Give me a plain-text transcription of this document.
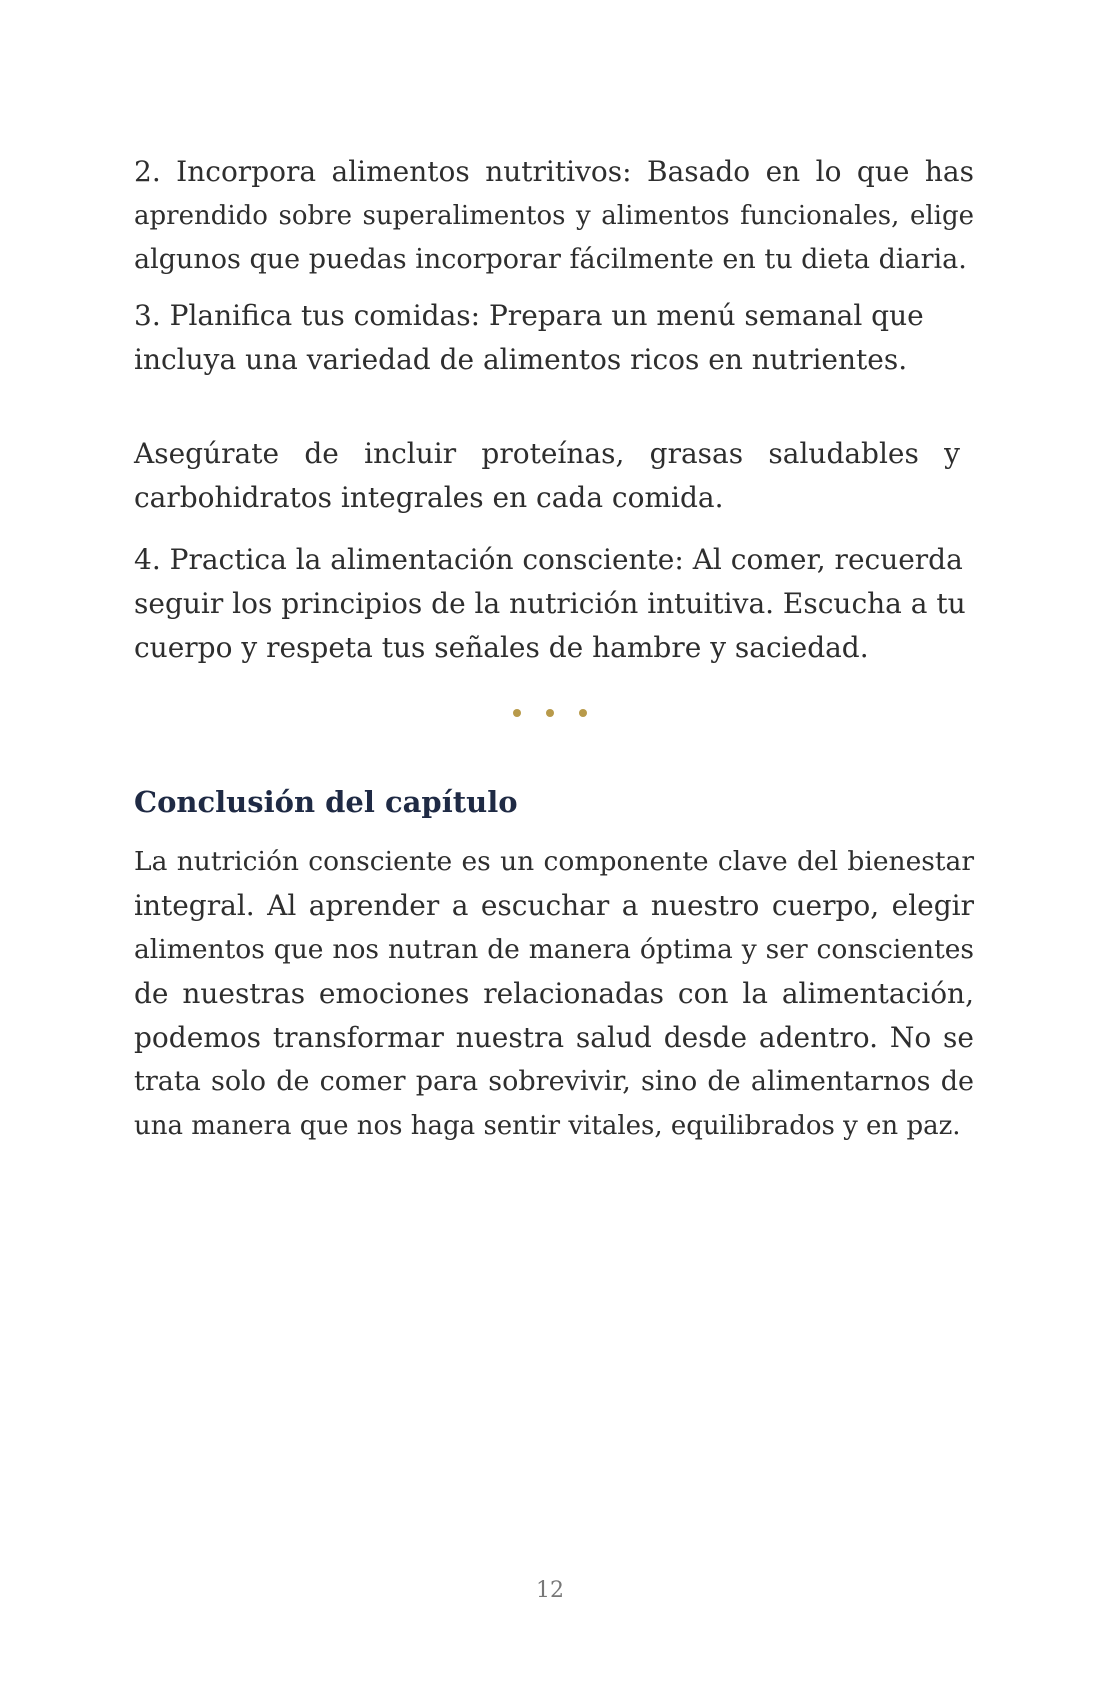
2. Incorpora alimentos nutritivos: Basado en lo que has
aprendido sobre superalimentos y alimentos funcionales, elige
algunos que puedas incorporar fácilmente en tu dieta diaria.
3. Planifica tus comidas: Prepara un menú semanal que
incluya una variedad de alimentos ricos en nutrientes.
Asegúrate de incluir proteínas, grasas saludables y
carbohidratos integrales en cada comida.
4. Practica la alimentación consciente: Al comer, recuerda
seguir los principios de la nutrición intuitiva. Escucha a tu
cuerpo y respeta tus señales de hambre y saciedad.

Conclusión del capítulo
La nutrición consciente es un componente clave del bienestar
integral. Al aprender a escuchar a nuestro cuerpo, elegir
alimentos que nos nutran de manera óptima y ser conscientes
de nuestras emociones relacionadas con la alimentación,
podemos transformar nuestra salud desde adentro. No se
trata solo de comer para sobrevivir, sino de alimentarnos de
una manera que nos haga sentir vitales, equilibrados y en paz.
12
